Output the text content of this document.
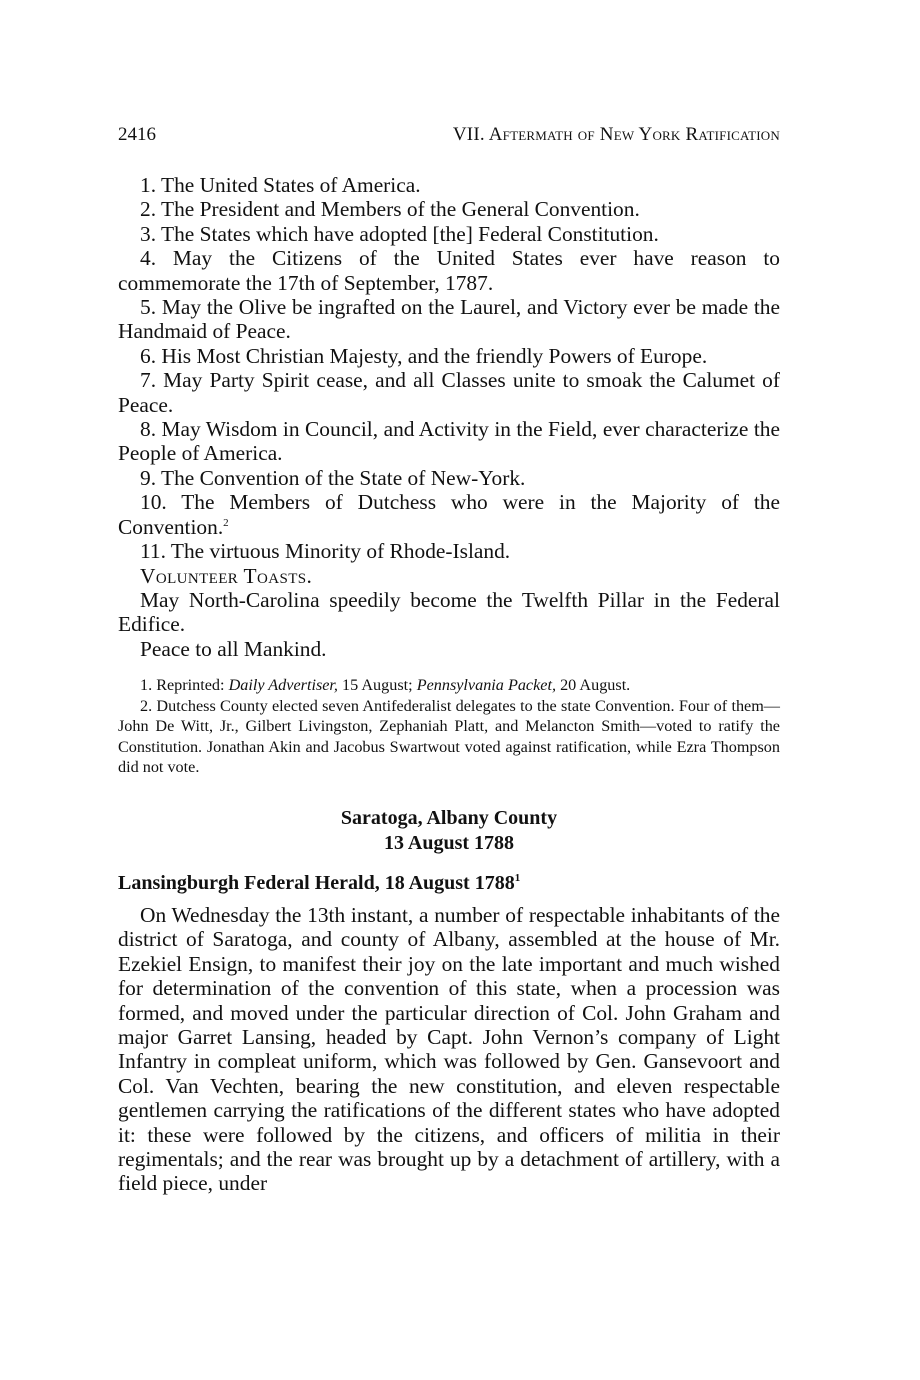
2416	VII. Aftermath of New York Ratification

1. The United States of America.

2. The President and Members of the General Convention.

3. The States which have adopted [the] Federal Constitution.

4. May the Citizens of the United States ever have reason to commemorate the 17th of September, 1787.

5. May the Olive be ingrafted on the Laurel, and Victory ever be made the Handmaid of Peace.

6. His Most Christian Majesty, and the friendly Powers of Europe.

7. May Party Spirit cease, and all Classes unite to smoak the Calumet of Peace.

8. May Wisdom in Council, and Activity in the Field, ever characterize the People of America.

9. The Convention of the State of New-York.

10. The Members of Dutchess who were in the Majority of the Convention.$^2$

11. The virtuous Minority of Rhode-Island.

Volunteer Toasts.

May North-Carolina speedily become the Twelfth Pillar in the Federal Edifice.

Peace to all Mankind.

1. Reprinted: Daily Advertiser, 15 August; Pennsylvania Packet, 20 August.

2. Dutchess County elected seven Antifederalist delegates to the state Convention. Four of them—John De Witt, Jr., Gilbert Livingston, Zephaniah Platt, and Melancton Smith—voted to ratify the Constitution. Jonathan Akin and Jacobus Swartwout voted against ratification, while Ezra Thompson did not vote.

Saratoga, Albany County
13 August 1788
Lansingburgh Federal Herald, 18 August 1788$^1$

On Wednesday the 13th instant, a number of respectable inhabitants of the district of Saratoga, and county of Albany, assembled at the house of Mr. Ezekiel Ensign, to manifest their joy on the late important and much wished for determination of the convention of this state, when a procession was formed, and moved under the particular direction of Col. John Graham and major Garret Lansing, headed by Capt. John Vernon’s company of Light Infantry in compleat uniform, which was followed by Gen. Gansevoort and Col. Van Vechten, bearing the new constitution, and eleven respectable gentlemen carrying the ratifications of the different states who have adopted it: these were followed by the citizens, and officers of militia in their regimentals; and the rear was brought up by a detachment of artillery, with a field piece, under
